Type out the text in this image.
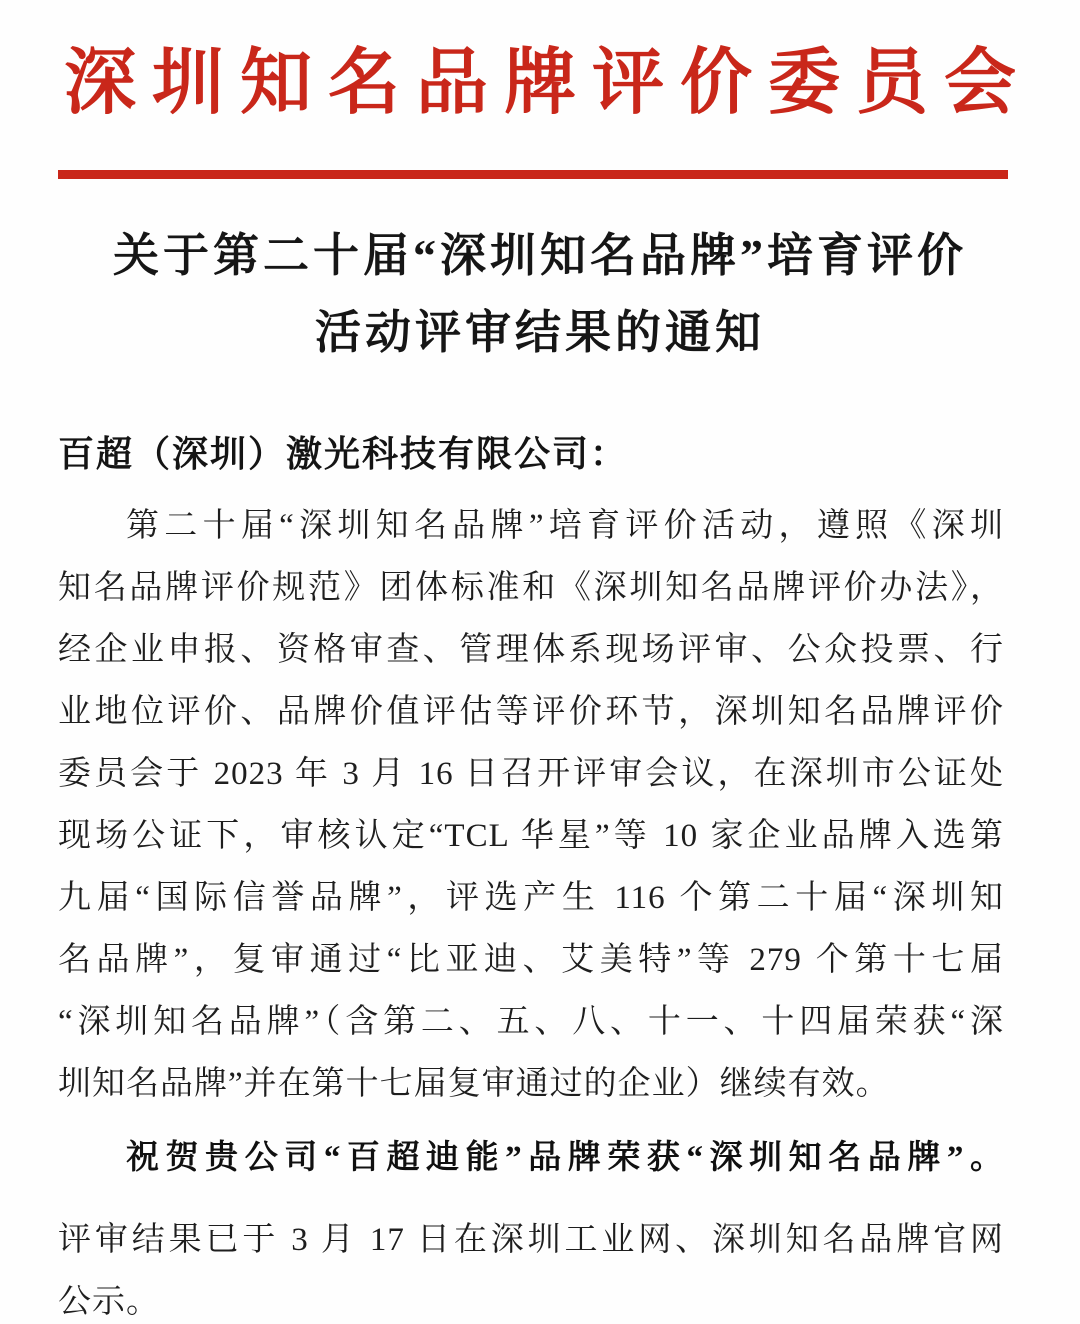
深圳知名品牌评价委员会
关于第二十届“深圳知名品牌”培育评价
活动评审结果的通知
百超（深圳）激光科技有限公司：
第二十届“深圳知名品牌”培育评价活动，遵照《深圳
知名品牌评价规范》团体标准和《深圳知名品牌评价办法》，
经企业申报、资格审查、管理体系现场评审、公众投票、行
业地位评价、品牌价值评估等评价环节，深圳知名品牌评价
委员会于 2023 年 3 月 16 日召开评审会议，在深圳市公证处
现场公证下，审核认定“TCL 华星”等 10 家企业品牌入选第
九届“国际信誉品牌”，评选产生 116 个第二十届“深圳知
名品牌”，复审通过“比亚迪、艾美特”等 279 个第十七届
“深圳知名品牌”（含第二、五、八、十一、十四届荣获“深
圳知名品牌”并在第十七届复审通过的企业）继续有效。
祝贺贵公司“百超迪能”品牌荣获“深圳知名品牌”。
评审结果已于 3 月 17 日在深圳工业网、深圳知名品牌官网
公示。
